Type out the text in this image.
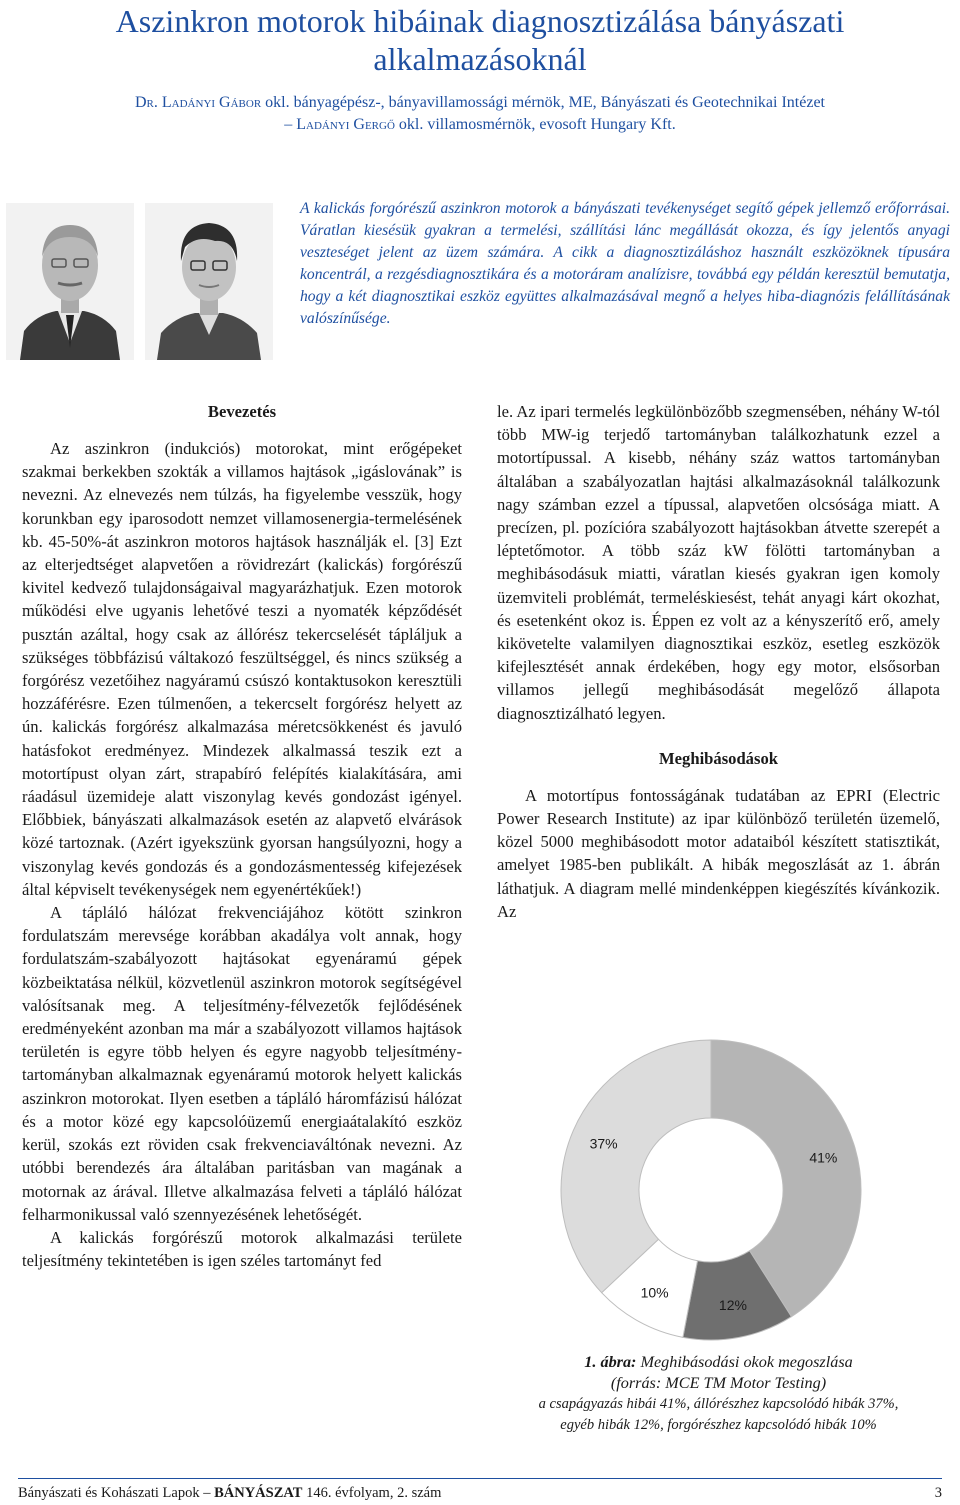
Aszinkron motorok hibáinak diagnosztizálása bányászati
alkalmazásoknál
Dr. Ladányi Gábor okl. bányagépész-, bányavillamossági mérnök, ME, Bányászati és Geotechnikai Intézet
– Ladányi Gergő okl. villamosmérnök, evosoft Hungary Kft.

A kalickás forgórészű aszinkron motorok a bányászati tevékenységet segítő gépek jellemző erőforrásai. Váratlan kiesésük gyakran a termelési, szállítási lánc megállását okozza, és így jelentős anyagi veszteséget jelent az üzem számára. A cikk a diagnosztizáláshoz használt eszközöknek típusára koncentrál, a rezgésdiagnosztikára és a motoráram analízisre, továbbá egy példán keresztül bemutatja, hogy a két diagnosztikai eszköz együttes alkalmazásával megnő a helyes hiba-diagnózis felállításának valószínűsége.

Bevezetés

Az aszinkron (indukciós) motorokat, mint erőgépeket szakmai berkekben szokták a villamos hajtások „igáslovának” is nevezni. Az elnevezés nem túlzás, ha figyelembe vesszük, hogy korunkban egy iparosodott nemzet villamosenergia-termelésének kb. 45-50%-át aszinkron motoros hajtások használják el. [3] Ezt az elterjedtséget alapvetően a rövidrezárt (kalickás) forgórészű kivitel kedvező tulajdonságaival magyarázhatjuk. Ezen motorok működési elve ugyanis lehetővé teszi a nyomaték képződését pusztán azáltal, hogy csak az állórész tekercselését tápláljuk a szükséges többfázisú váltakozó feszültséggel, és nincs szükség a forgórész vezetőihez nagyáramú csúszó kontaktusokon keresztüli hozzáférésre. Ezen túlmenően, a tekercselt forgórész helyett az ún. kalickás forgórész alkalmazása méretcsökkenést és javuló hatásfokot eredményez. Mindezek alkalmassá teszik ezt a motortípust olyan zárt, strapabíró felépítés kialakítására, ami ráadásul üzemideje alatt viszonylag kevés gondozást igényel. Előbbiek, bányászati alkalmazások esetén az alapvető elvárások közé tartoznak. (Azért igyekszünk gyorsan hangsúlyozni, hogy a viszonylag kevés gondozás és a gondozásmentesség kifejezések által képviselt tevékenységek nem egyenértékűek!)

A tápláló hálózat frekvenciájához kötött szinkron fordulatszám merevsége korábban akadálya volt annak, hogy fordulatszám-szabályozott hajtásokat egyenáramú gépek közbeiktatása nélkül, közvetlenül aszinkron motorok segítségével valósítsanak meg. A teljesítmény-félvezetők fejlődésének eredményeként azonban ma már a szabályozott villamos hajtások területén is egyre több helyen és egyre nagyobb teljesítmény-tartományban alkalmaznak egyenáramú motorok helyett kalickás aszinkron motorokat. Ilyen esetben a tápláló háromfázisú hálózat és a motor közé egy kapcsolóüzemű energiaátalakító eszköz kerül, szokás ezt röviden csak frekvenciaváltónak nevezni. Az utóbbi berendezés ára általában paritásban van magának a motornak az árával. Illetve alkalmazása felveti a tápláló hálózat felharmonikussal való szennyezésének lehetőségét.

A kalickás forgórészű motorok alkalmazási területe teljesítmény tekintetében is igen széles tartományt fed

le. Az ipari termelés legkülönbözőbb szegmensében, néhány W-tól több MW-ig terjedő tartományban találkozhatunk ezzel a motortípussal. A kisebb, néhány száz wattos tartományban általában a szabályozatlan hajtási alkalmazásoknál találkozunk nagy számban ezzel a típussal, alapvetően olcsósága miatt. A precízen, pl. pozícióra szabályozott hajtásokban átvette szerepét a léptetőmotor. A több száz kW fölötti tartományban a meghibásodásuk miatti, váratlan kiesés gyakran igen komoly üzemviteli problémát, termeléskiesést, tehát anyagi kárt okozhat, és esetenként okoz is. Éppen ez volt az a kényszerítő erő, amely kikövetelte valamilyen diagnosztikai eszköz, esetleg eszközök kifejlesztését annak érdekében, hogy egy motor, elsősorban villamos jellegű meghibásodását megelőző állapota diagnosztizálható legyen.

Meghibásodások

A motortípus fontosságának tudatában az EPRI (Electric Power Research Institute) az ipar különböző területén üzemelő, közel 5000 meghibásodott motor adataiból készített statisztikát, amelyet 1985-ben publikált. A hibák megoszlását az 1. ábrán láthatjuk. A diagram mellé mindenképpen kiegészítés kívánkozik. Az

41%
12%
10%
37%
1. ábra: Meghibásodási okok megoszlása
(forrás: MCE TM Motor Testing)
a csapágyazás hibái 41%, állórészhez kapcsolódó hibák 37%,
egyéb hibák 12%, forgórészhez kapcsolódó hibák 10%
Bányászati és Kohászati Lapok – BÁNYÁSZAT 146. évfolyam, 2. szám	3
